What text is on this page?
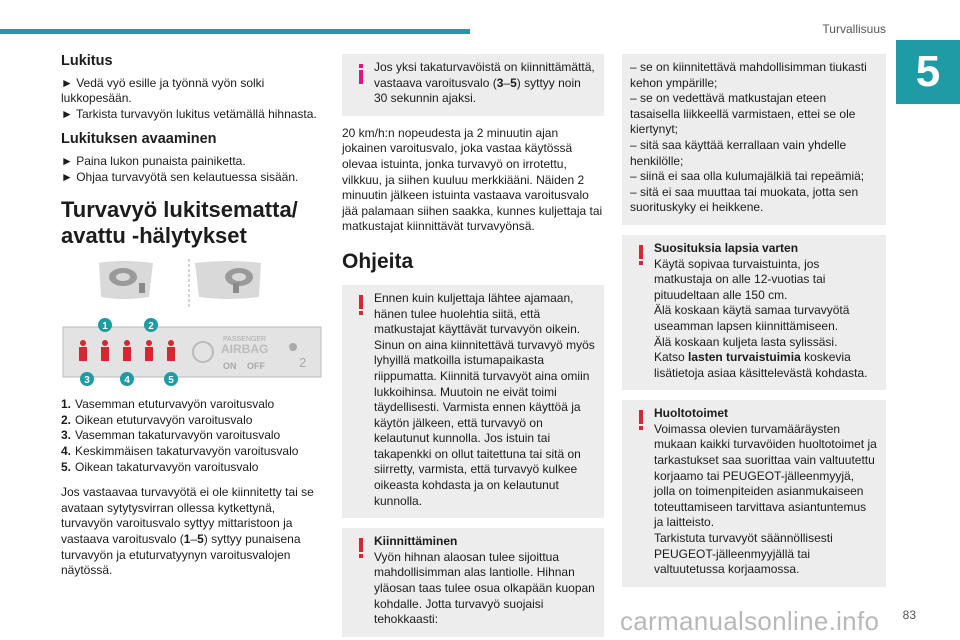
Turvallisuus
5
Lukitus
► Vedä vyö esille ja työnnä vyön solki lukkopesään.
► Tarkista turvavyön lukitus vetämällä hihnasta.
Lukituksen avaaminen
► Paina lukon punaista painiketta.
► Ohjaa turvavyötä sen kelautuessa sisään.
Turvavyö lukitsematta/ avattu -hälytykset
PASSENGER
AIRBAG
ON OFF	2
1	2
3	4	5
1. Vasemman etuturvavyön varoitusvalo
2. Oikean etuturvavyön varoitusvalo
3. Vasemman takaturvavyön varoitusvalo
4. Keskimmäisen takaturvavyön varoitusvalo
5. Oikean takaturvavyön varoitusvalo

Jos vastaavaa turvavyötä ei ole kiinnitetty tai se avataan sytytysvirran ollessa kytkettynä, turvavyön varoitusvalo syttyy mittaristoon ja vastaava varoitusvalo (1–5) syttyy punaisena turvavyön ja etuturvatyynyn varoitusvalojen näytössä.

Jos yksi takaturvavöistä on kiinnittämättä, vastaava varoitusvalo (3–5) syttyy noin 30 sekunnin ajaksi.

20 km/h:n nopeudesta ja 2 minuutin ajan jokainen varoitusvalo, joka vastaa käytössä olevaa istuinta, jonka turvavyö on irrotettu, vilkkuu, ja siihen kuuluu merkkiääni. Näiden 2 minuutin jälkeen istuinta vastaava varoitusvalo jää palamaan siihen saakka, kunnes kuljettaja tai matkustajat kiinnittävät turvavyönsä.

Ohjeita
Ennen kuin kuljettaja lähtee ajamaan, hänen tulee huolehtia siitä, että matkustajat käyttävät turvavyön oikein. Sinun on aina kiinnitettävä turvavyö myös lyhyillä matkoilla istumapaikasta riippumatta. Kiinnitä turvavyöt aina omiin lukkoihinsa. Muutoin ne eivät toimi täydellisesti. Varmista ennen käyttöä ja käytön jälkeen, että turvavyö on kelautunut kunnolla. Jos istuin tai takapenkki on ollut taitettuna tai sitä on siirretty, varmista, että turvavyö kulkee oikeasta kohdasta ja on kelautunut kunnolla.
Kiinnittäminen
Vyön hihnan alaosan tulee sijoittua mahdollisimman alas lantiolle. Hihnan yläosan taas tulee osua olkapään kuopan kohdalle. Jotta turvavyö suojaisi tehokkaasti:
– se on kiinnitettävä mahdollisimman tiukasti kehon ympärille;
– se on vedettävä matkustajan eteen tasaisella liikkeellä varmistaen, ettei se ole kiertynyt;
– sitä saa käyttää kerrallaan vain yhdelle henkilölle;
– siinä ei saa olla kulumajälkiä tai repeämiä;
– sitä ei saa muuttaa tai muokata, jotta sen suorituskyky ei heikkene.
Suosituksia lapsia varten
Käytä sopivaa turvaistuinta, jos matkustaja on alle 12-vuotias tai pituudeltaan alle 150 cm.
Älä koskaan käytä samaa turvavyötä useamman lapsen kiinnittämiseen.
Älä koskaan kuljeta lasta sylissäsi.
Katso lasten turvaistuimia koskevia lisätietoja asiaa käsittelevästä kohdasta.
Huoltotoimet
Voimassa olevien turvamääräysten mukaan kaikki turvavöiden huoltotoimet ja tarkastukset saa suorittaa vain valtuutettu korjaamo tai PEUGEOT-jälleenmyyjä, jolla on toimenpiteiden asianmukaiseen toteuttamiseen tarvittava asiantuntemus ja laitteisto.
Tarkistuta turvavyöt säännöllisesti PEUGEOT-jälleenmyyjällä tai valtuutetussa korjaamossa.
carmanualsonline.info 83
